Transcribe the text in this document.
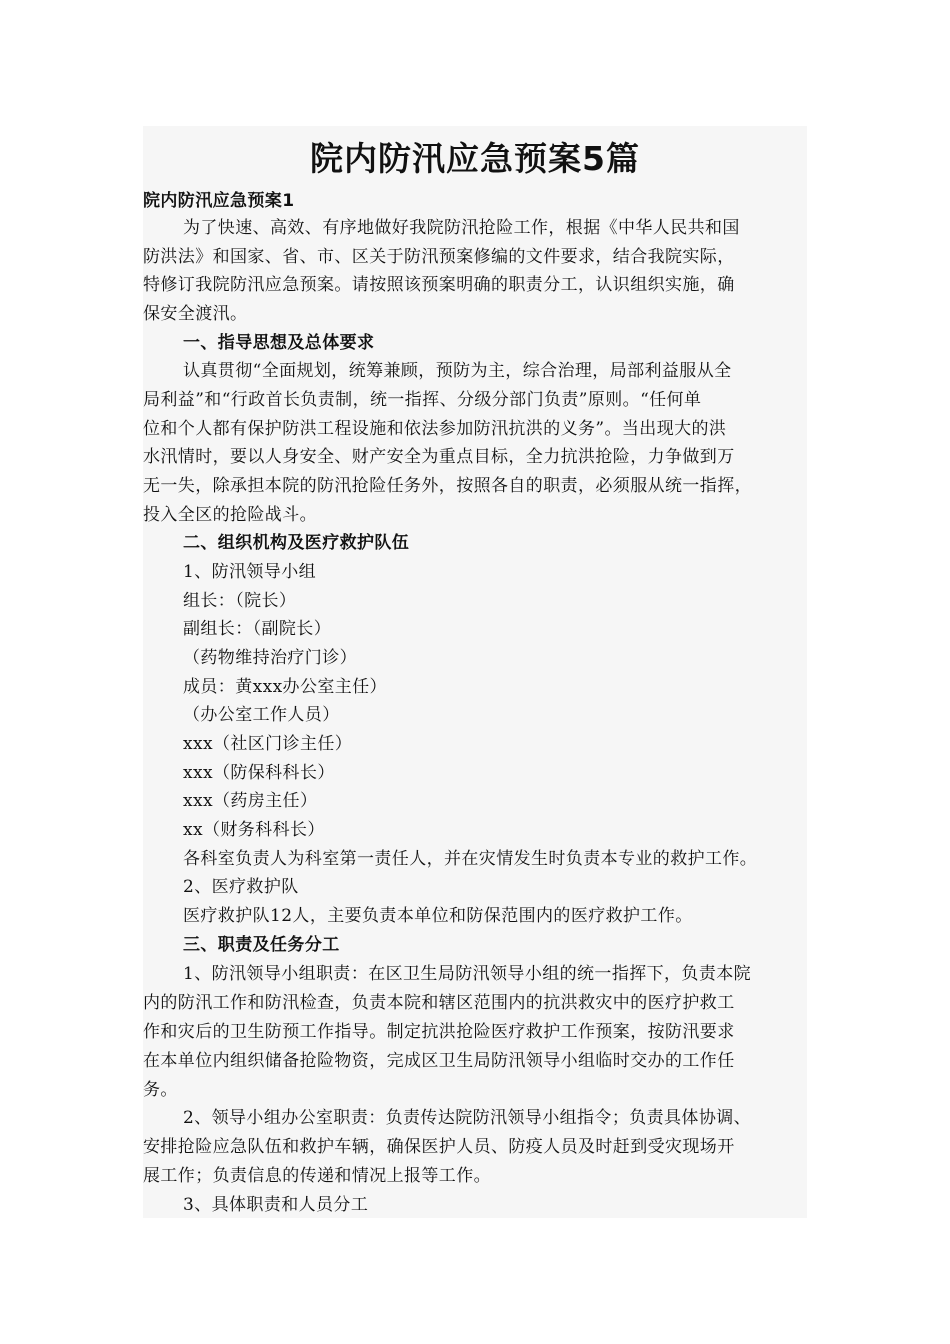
院内防汛应急预案5篇
院内防汛应急预案1
为了快速、高效、有序地做好我院防汛抢险工作，根据《中华人民共和国
防洪法》和国家、省、市、区关于防汛预案修编的文件要求，结合我院实际，
特修订我院防汛应急预案。请按照该预案明确的职责分工，认识组织实施，确
保安全渡汛。
一、指导思想及总体要求
认真贯彻“全面规划，统筹兼顾，预防为主，综合治理，局部利益服从全
局利益”和“行政首长负责制，统一指挥、分级分部门负责”原则。“任何单
位和个人都有保护防洪工程设施和依法参加防汛抗洪的义务”。当出现大的洪
水汛情时，要以人身安全、财产安全为重点目标，全力抗洪抢险，力争做到万
无一失，除承担本院的防汛抢险任务外，按照各自的职责，必须服从统一指挥，
投入全区的抢险战斗。
二、组织机构及医疗救护队伍
1、防汛领导小组
组长：（院长）
副组长：（副院长）
（药物维持治疗门诊）
成员：黄xxx办公室主任）
（办公室工作人员）
xxx（社区门诊主任）
xxx（防保科科长）
xxx（药房主任）
xx（财务科科长）
各科室负责人为科室第一责任人，并在灾情发生时负责本专业的救护工作。
2、医疗救护队
医疗救护队12人，主要负责本单位和防保范围内的医疗救护工作。
三、职责及任务分工
1、防汛领导小组职责：在区卫生局防汛领导小组的统一指挥下，负责本院
内的防汛工作和防汛检查，负责本院和辖区范围内的抗洪救灾中的医疗护救工
作和灾后的卫生防预工作指导。制定抗洪抢险医疗救护工作预案，按防汛要求
在本单位内组织储备抢险物资，完成区卫生局防汛领导小组临时交办的工作任
务。
2、领导小组办公室职责：负责传达院防汛领导小组指令；负责具体协调、
安排抢险应急队伍和救护车辆，确保医护人员、防疫人员及时赶到受灾现场开
展工作；负责信息的传递和情况上报等工作。
3、具体职责和人员分工
